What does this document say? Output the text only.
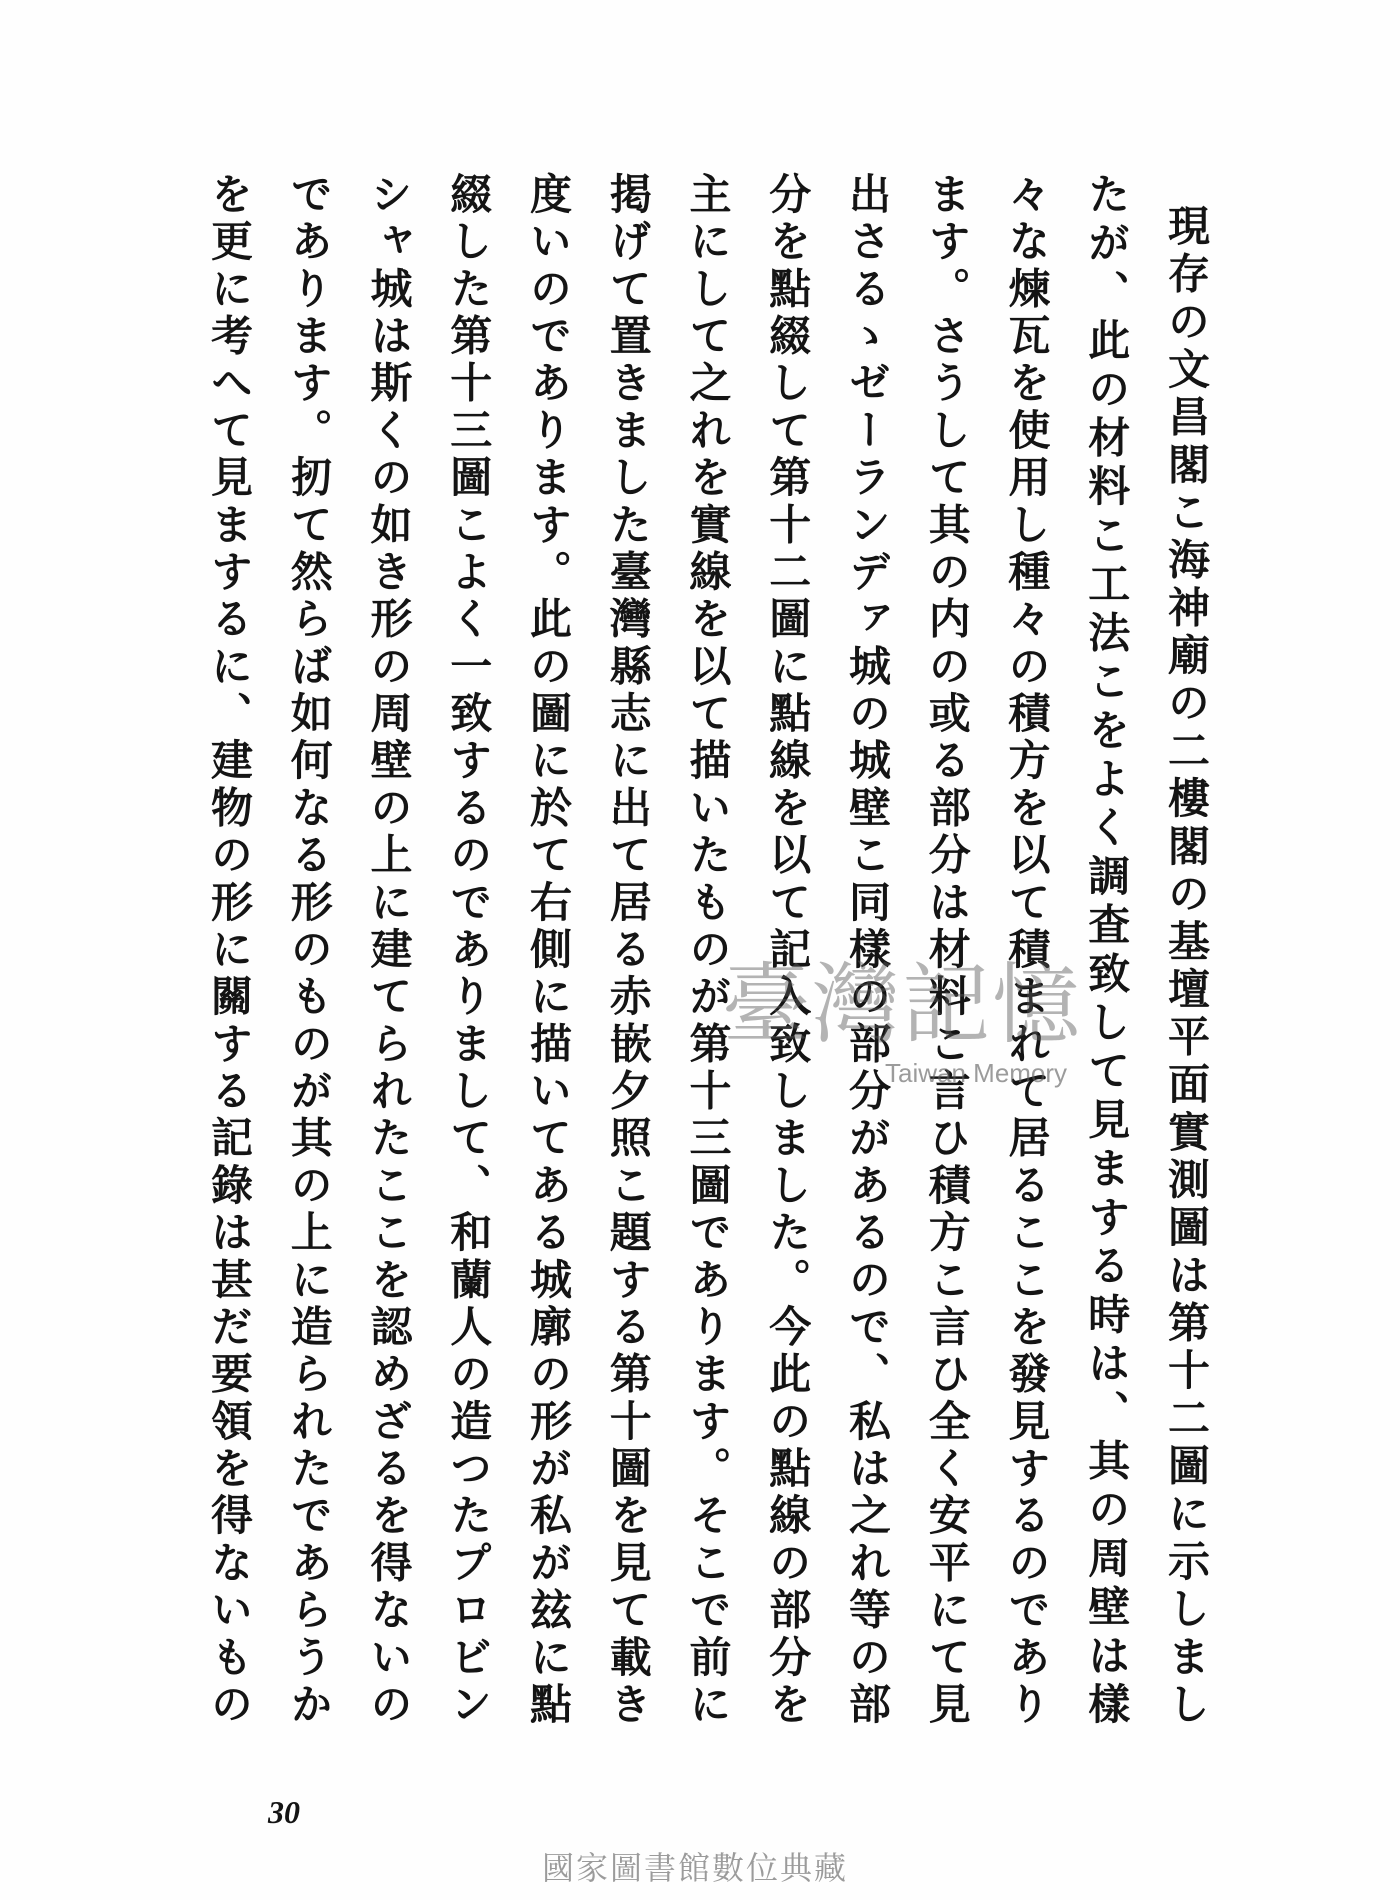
現存の文昌閣こ海神廟の二樓閣の基壇平面實測圖は第十二圖に示しまし
たが、此の材料こ工法こをよく調査致して見まする時は、其の周壁は樣
々な煉瓦を使用し種々の積方を以て積まれて居るここを發見するのであり
ます。さうして其の内の或る部分は材料こ言ひ積方こ言ひ全く安平にて見
出さるゝゼーランデァ城の城壁こ同樣の部分があるので、私は之れ等の部
分を點綴して第十二圖に點線を以て記入致しました。今此の點線の部分を
主にして之れを實線を以て描いたものが第十三圖であります。そこで前に
掲げて置きました臺灣縣志に出て居る赤嵌夕照こ題する第十圖を見て載き
度いのであります。此の圖に於て右側に描いてある城廓の形が私が玆に點
綴した第十三圖こよく一致するのでありまして、和蘭人の造つたプロビン
シャ城は斯くの如き形の周壁の上に建てられたここを認めざるを得ないの
であります。扨て然らば如何なる形のものが其の上に造られたであらうか
を更に考へて見まするに、建物の形に關する記錄は甚だ要領を得ないもの
30
臺灣記憶
Taiwan Memory
國家圖書館數位典藏
